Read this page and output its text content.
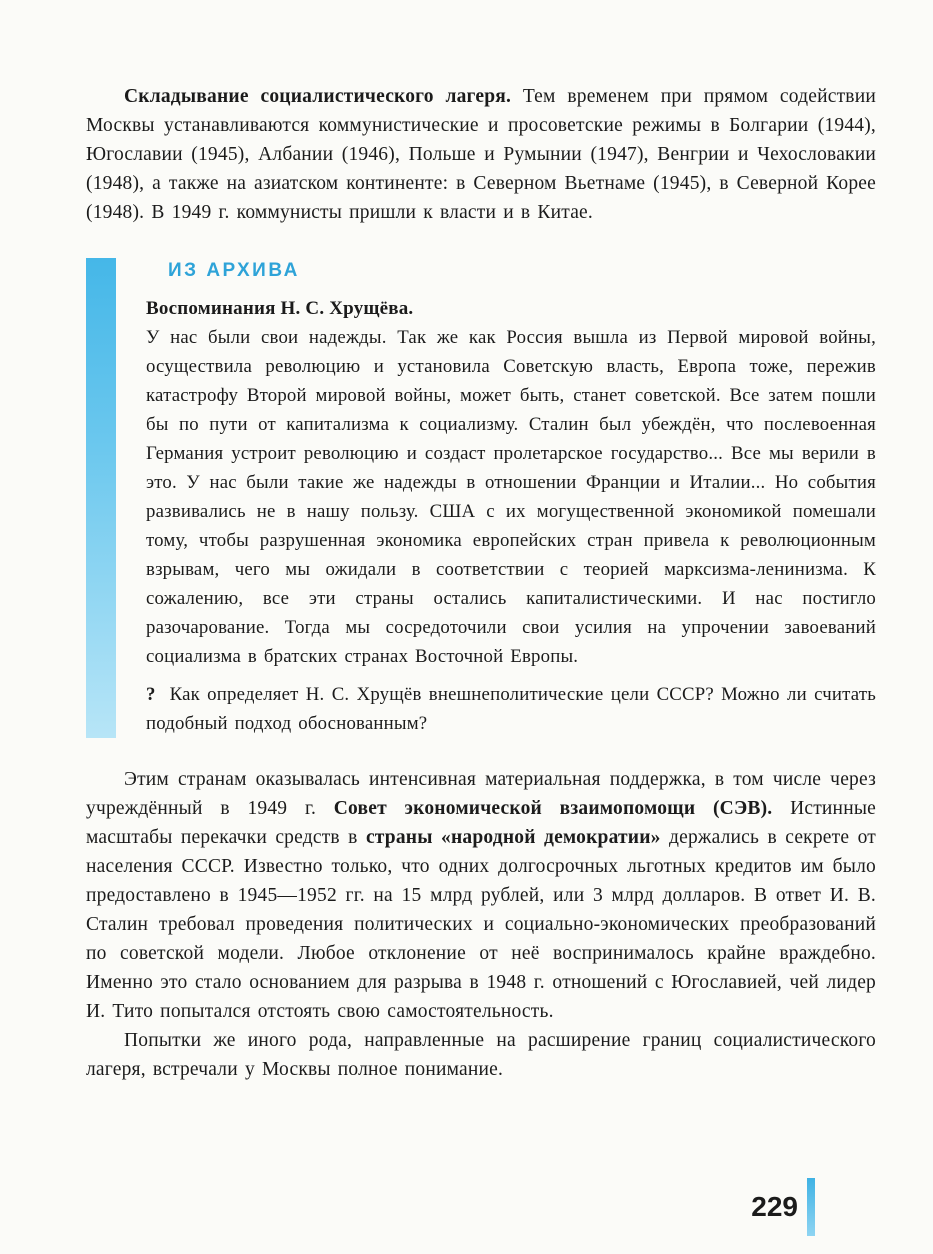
Складывание социалистического лагеря. Тем временем при прямом содействии Москвы устанавливаются коммунистические и просоветские режимы в Болгарии (1944), Югославии (1945), Албании (1946), Польше и Румынии (1947), Венгрии и Чехословакии (1948), а также на азиатском континенте: в Северном Вьетнаме (1945), в Северной Корее (1948). В 1949 г. коммунисты пришли к власти и в Китае.

ИЗ АРХИВА

Воспоминания Н. С. Хрущёва.

У нас были свои надежды. Так же как Россия вышла из Первой мировой войны, осуществила революцию и установила Советскую власть, Европа тоже, пережив катастрофу Второй мировой войны, может быть, станет советской. Все затем пошли бы по пути от капитализма к социализму. Сталин был убеждён, что послевоенная Германия устроит революцию и создаст пролетарское государство... Все мы верили в это. У нас были такие же надежды в отношении Франции и Италии... Но события развивались не в нашу пользу. США с их могущественной экономикой помешали тому, чтобы разрушенная экономика европейских стран привела к революционным взрывам, чего мы ожидали в соответствии с теорией марксизма-ленинизма. К сожалению, все эти страны остались капиталистическими. И нас постигло разочарование. Тогда мы сосредоточили свои усилия на упрочении завоеваний социализма в братских странах Восточной Европы.

? Как определяет Н. С. Хрущёв внешнеполитические цели СССР? Можно ли считать подобный подход обоснованным?

Этим странам оказывалась интенсивная материальная поддержка, в том числе через учреждённый в 1949 г. Совет экономической взаимопомощи (СЭВ). Истинные масштабы перекачки средств в страны «народной демократии» держались в секрете от населения СССР. Известно только, что одних долгосрочных льготных кредитов им было предоставлено в 1945—1952 гг. на 15 млрд рублей, или 3 млрд долларов. В ответ И. В. Сталин требовал проведения политических и социально-экономических преобразований по советской модели. Любое отклонение от неё воспринималось крайне враждебно. Именно это стало основанием для разрыва в 1948 г. отношений с Югославией, чей лидер И. Тито попытался отстоять свою самостоятельность.

Попытки же иного рода, направленные на расширение границ социалистического лагеря, встречали у Москвы полное понимание.

229
